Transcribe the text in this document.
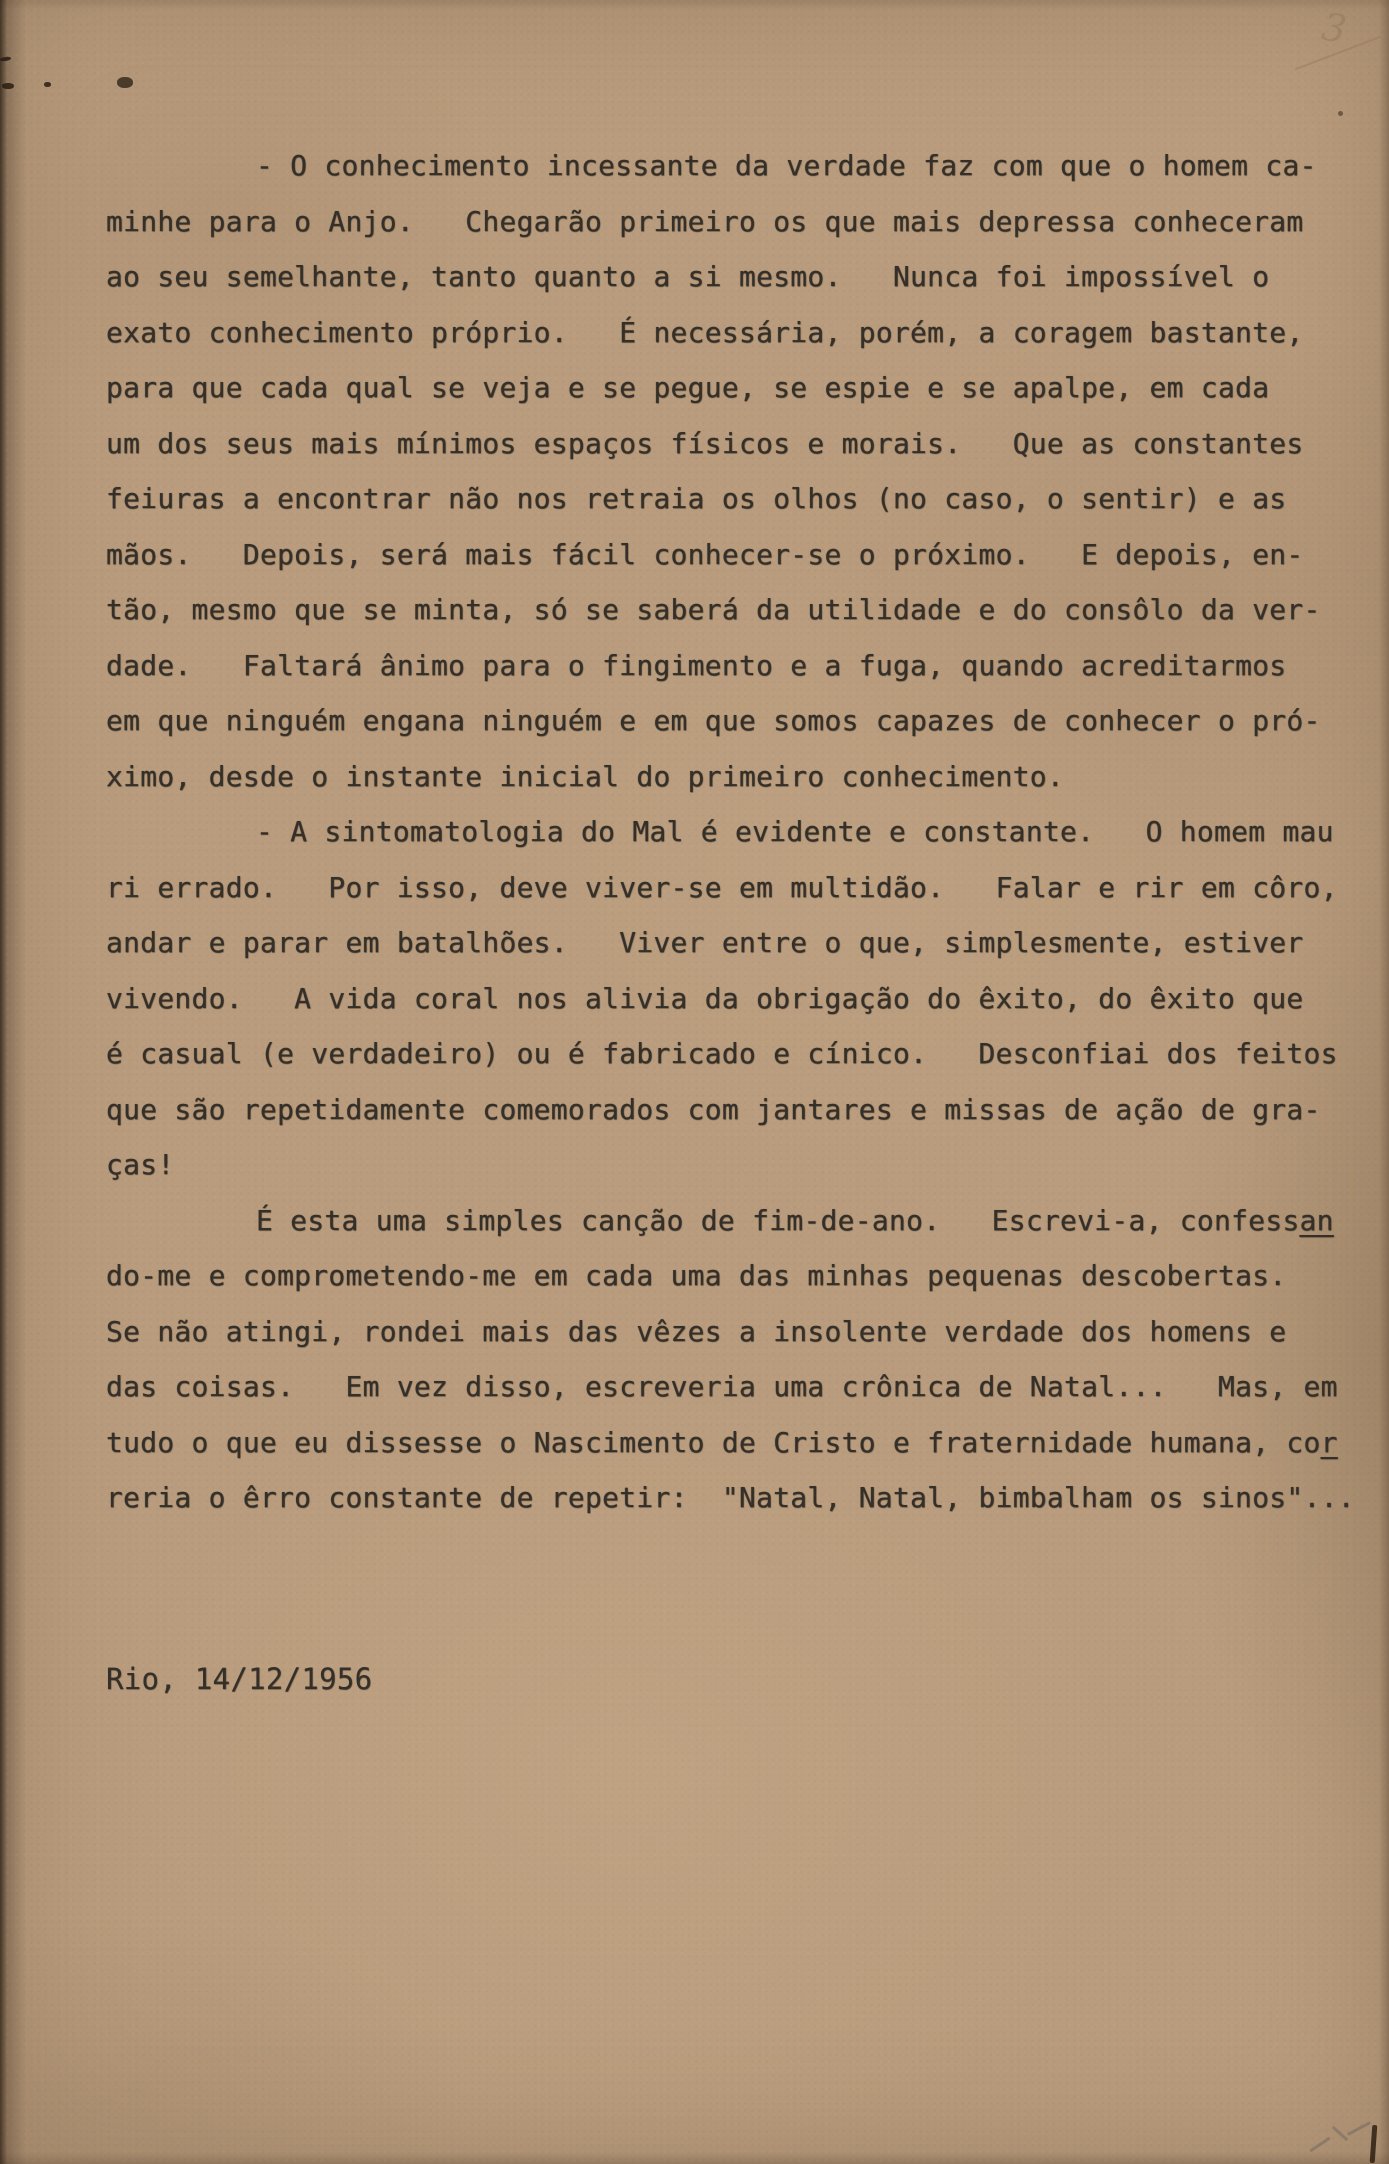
3
- O conhecimento incessante da verdade faz com que o homem ca-
minhe para o Anjo.   Chegarão primeiro os que mais depressa conheceram
ao seu semelhante, tanto quanto a si mesmo.   Nunca foi impossível o
exato conhecimento próprio.   É necessária, porém, a coragem bastante,
para que cada qual se veja e se pegue, se espie e se apalpe, em cada
um dos seus mais mínimos espaços físicos e morais.   Que as constantes
feiuras a encontrar não nos retraia os olhos (no caso, o sentir) e as
mãos.   Depois, será mais fácil conhecer-se o próximo.   E depois, en-
tão, mesmo que se minta, só se saberá da utilidade e do consôlo da ver-
dade.   Faltará ânimo para o fingimento e a fuga, quando acreditarmos
em que ninguém engana ninguém e em que somos capazes de conhecer o pró-
ximo, desde o instante inicial do primeiro conhecimento.
- A sintomatologia do Mal é evidente e constante.   O homem mau
ri errado.   Por isso, deve viver-se em multidão.   Falar e rir em côro,
andar e parar em batalhões.   Viver entre o que, simplesmente, estiver
vivendo.   A vida coral nos alivia da obrigação do êxito, do êxito que
é casual (e verdadeiro) ou é fabricado e cínico.   Desconfiai dos feitos
que são repetidamente comemorados com jantares e missas de ação de gra-
ças!
É esta uma simples canção de fim-de-ano.   Escrevi-a, confessan
do-me e comprometendo-me em cada uma das minhas pequenas descobertas.
Se não atingi, rondei mais das vêzes a insolente verdade dos homens e
das coisas.   Em vez disso, escreveria uma crônica de Natal...   Mas, em
tudo o que eu dissesse o Nascimento de Cristo e fraternidade humana, cor
reria o êrro constante de repetir:  "Natal, Natal, bimbalham os sinos"...
Rio, 14/12/1956
